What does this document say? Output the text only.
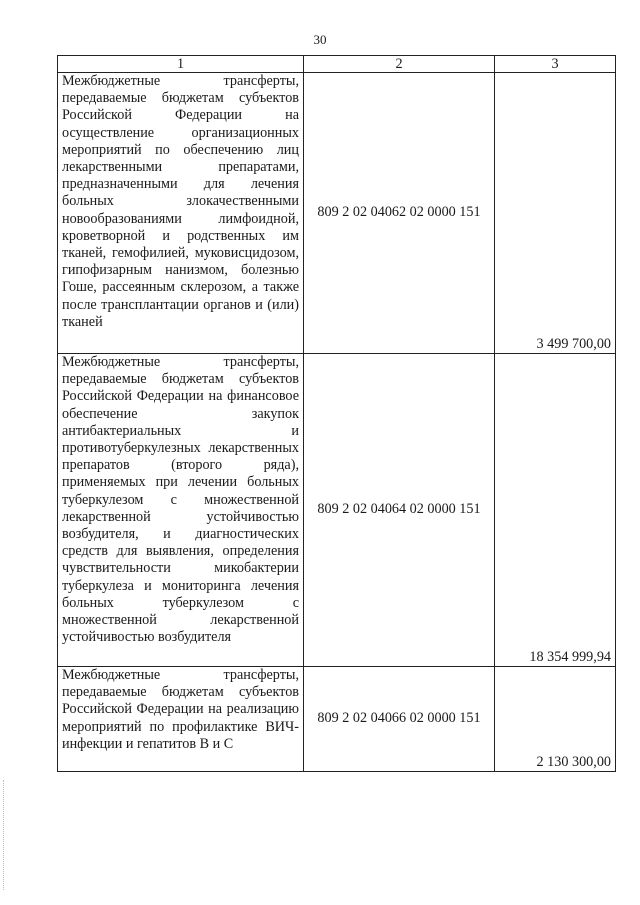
30
1	2	3
Межбюджетные трансферты, передаваемые бюджетам субъектов Российской Федерации на осуществление организационных мероприятий по обеспечению лиц лекарственными препаратами, предназначенными для лечения больных злокачественными новообразованиями лимфоидной, кроветворной и родственных им тканей, гемофилией, муковисцидозом, гипофизарным нанизмом, болезнью Гоше, рассеянным склерозом, а также после трансплантации органов и (или) тканей	809 2 02 04062 02 0000 151	3 499 700,00
Межбюджетные трансферты, передаваемые бюджетам субъектов Российской Федерации на финансовое обеспечение закупок антибактериальных и противотуберкулезных лекарственных препаратов (второго ряда), применяемых при лечении больных туберкулезом с множественной лекарственной устойчивостью возбудителя, и диагностических средств для выявления, определения чувствительности микобактерии туберкулеза и мониторинга лечения больных туберкулезом с множественной лекарственной устойчивостью возбудителя	809 2 02 04064 02 0000 151	18 354 999,94
Межбюджетные трансферты, передаваемые бюджетам субъектов Российской Федерации на реализацию мероприятий по профилактике ВИЧ-инфекции и гепатитов В и С	809 2 02 04066 02 0000 151	2 130 300,00
